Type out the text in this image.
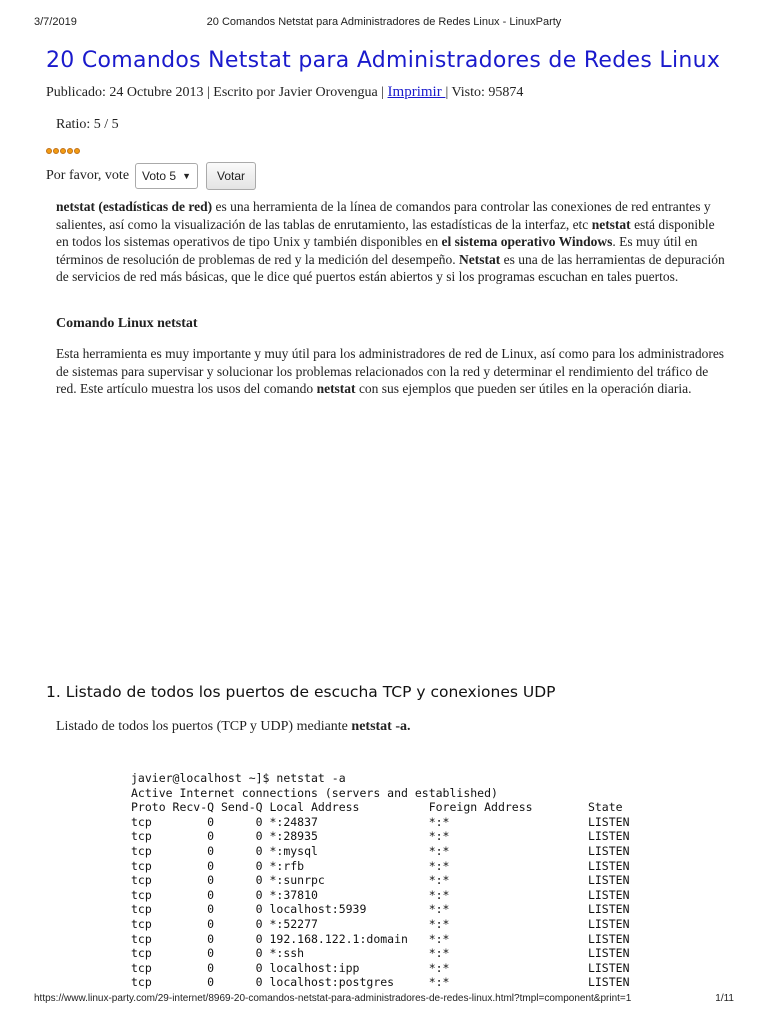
3/7/2019	20 Comandos Netstat para Administradores de Redes Linux - LinuxParty
20 Comandos Netstat para Administradores de Redes Linux
Publicado: 24 Octubre 2013 | Escrito por Javier Orovengua | Imprimir | Visto: 95874
Ratio: 5 / 5
Por favor, vote Voto 5 ▼	Votar

netstat (estadísticas de red) es una herramienta de la línea de comandos para controlar las conexiones de red entrantes y salientes, así como la visualización de las tablas de enrutamiento, las estadísticas de la interfaz, etc netstat está disponible en todos los sistemas operativos de tipo Unix y también disponibles en el sistema operativo Windows. Es muy útil en términos de resolución de problemas de red y la medición del desempeño. Netstat es una de las herramientas de depuración de servicios de red más básicas, que le dice qué puertos están abiertos y si los programas escuchan en tales puertos.

Comando Linux netstat

Esta herramienta es muy importante y muy útil para los administradores de red de Linux, así como para los administradores de sistemas para supervisar y solucionar los problemas relacionados con la red y determinar el rendimiento del tráfico de red. Este artículo muestra los usos del comando netstat con sus ejemplos que pueden ser útiles en la operación diaria.

1. Listado de todos los puertos de escucha TCP y conexiones UDP
Listado de todos los puertos (TCP y UDP) mediante netstat -a.
javier@localhost ~]$ netstat -a
Active Internet connections (servers and established)
Proto Recv-Q Send-Q Local Address          Foreign Address        State
tcp        0      0 *:24837                *:*                    LISTEN
tcp        0      0 *:28935                *:*                    LISTEN
tcp        0      0 *:mysql                *:*                    LISTEN
tcp        0      0 *:rfb                  *:*                    LISTEN
tcp        0      0 *:sunrpc               *:*                    LISTEN
tcp        0      0 *:37810                *:*                    LISTEN
tcp        0      0 localhost:5939         *:*                    LISTEN
tcp        0      0 *:52277                *:*                    LISTEN
tcp        0      0 192.168.122.1:domain   *:*                    LISTEN
tcp        0      0 *:ssh                  *:*                    LISTEN
tcp        0      0 localhost:ipp          *:*                    LISTEN
tcp        0      0 localhost:postgres     *:*                    LISTEN
https://www.linux-party.com/29-internet/8969-20-comandos-netstat-para-administradores-de-redes-linux.html?tmpl=component&print=1	1/11
